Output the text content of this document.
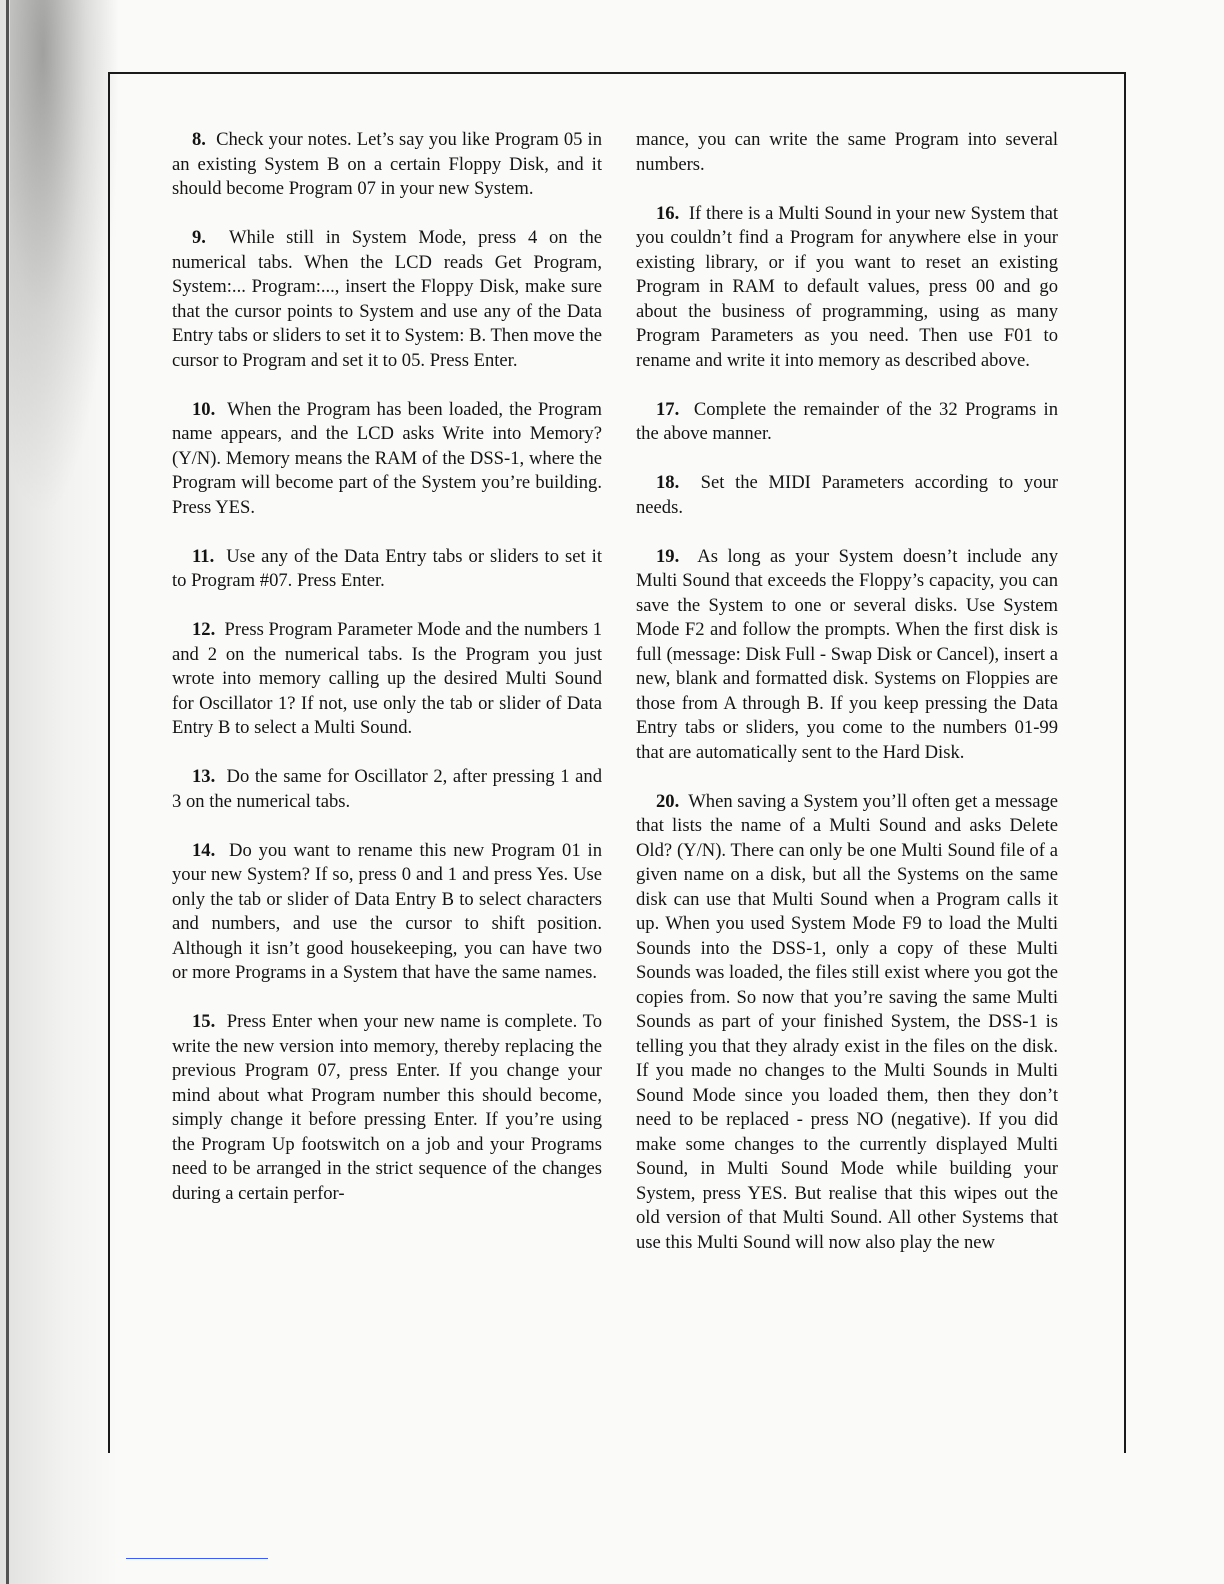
8. Check your notes. Let’s say you like Program 05 in an existing System B on a certain Floppy Disk, and it should become Program 07 in your new System.

9. While still in System Mode, press 4 on the numerical tabs. When the LCD reads Get Program, System:... Program:..., insert the Floppy Disk, make sure that the cursor points to System and use any of the Data Entry tabs or sliders to set it to System: B. Then move the cursor to Program and set it to 05. Press Enter.

10. When the Program has been loaded, the Program name appears, and the LCD asks Write into Memory? (Y/N). Memory means the RAM of the DSS-1, where the Program will become part of the System you’re building. Press YES.

11. Use any of the Data Entry tabs or sliders to set it to Program #07. Press Enter.

12. Press Program Parameter Mode and the numbers 1 and 2 on the numerical tabs. Is the Program you just wrote into memory calling up the desired Multi Sound for Oscillator 1? If not, use only the tab or slider of Data Entry B to select a Multi Sound.

13. Do the same for Oscillator 2, after pressing 1 and 3 on the numerical tabs.

14. Do you want to rename this new Program 01 in your new System? If so, press 0 and 1 and press Yes. Use only the tab or slider of Data Entry B to select characters and numbers, and use the cursor to shift position. Although it isn’t good housekeeping, you can have two or more Programs in a System that have the same names.

15. Press Enter when your new name is complete. To write the new version into memory, thereby replacing the previous Program 07, press Enter. If you change your mind about what Program number this should become, simply change it before pressing Enter. If you’re using the Program Up footswitch on a job and your Programs need to be arranged in the strict sequence of the changes during a certain perfor-

mance, you can write the same Program into several numbers.

16. If there is a Multi Sound in your new System that you couldn’t find a Program for anywhere else in your existing library, or if you want to reset an existing Program in RAM to default values, press 00 and go about the business of programming, using as many Program Parameters as you need. Then use F01 to rename and write it into memory as described above.

17. Complete the remainder of the 32 Programs in the above manner.

18. Set the MIDI Parameters according to your needs.

19. As long as your System doesn’t include any Multi Sound that exceeds the Floppy’s capacity, you can save the System to one or several disks. Use System Mode F2 and follow the prompts. When the first disk is full (message: Disk Full - Swap Disk or Cancel), insert a new, blank and formatted disk. Systems on Floppies are those from A through B. If you keep pressing the Data Entry tabs or sliders, you come to the numbers 01-99 that are automatically sent to the Hard Disk.

20. When saving a System you’ll often get a message that lists the name of a Multi Sound and asks Delete Old? (Y/N). There can only be one Multi Sound file of a given name on a disk, but all the Systems on the same disk can use that Multi Sound when a Program calls it up. When you used System Mode F9 to load the Multi Sounds into the DSS-1, only a copy of these Multi Sounds was loaded, the files still exist where you got the copies from. So now that you’re saving the same Multi Sounds as part of your finished System, the DSS-1 is telling you that they alrady exist in the files on the disk. If you made no changes to the Multi Sounds in Multi Sound Mode since you loaded them, then they don’t need to be replaced - press NO (negative). If you did make some changes to the currently displayed Multi Sound, in Multi Sound Mode while building your System, press YES. But realise that this wipes out the old version of that Multi Sound. All other Systems that use this Multi Sound will now also play the new
